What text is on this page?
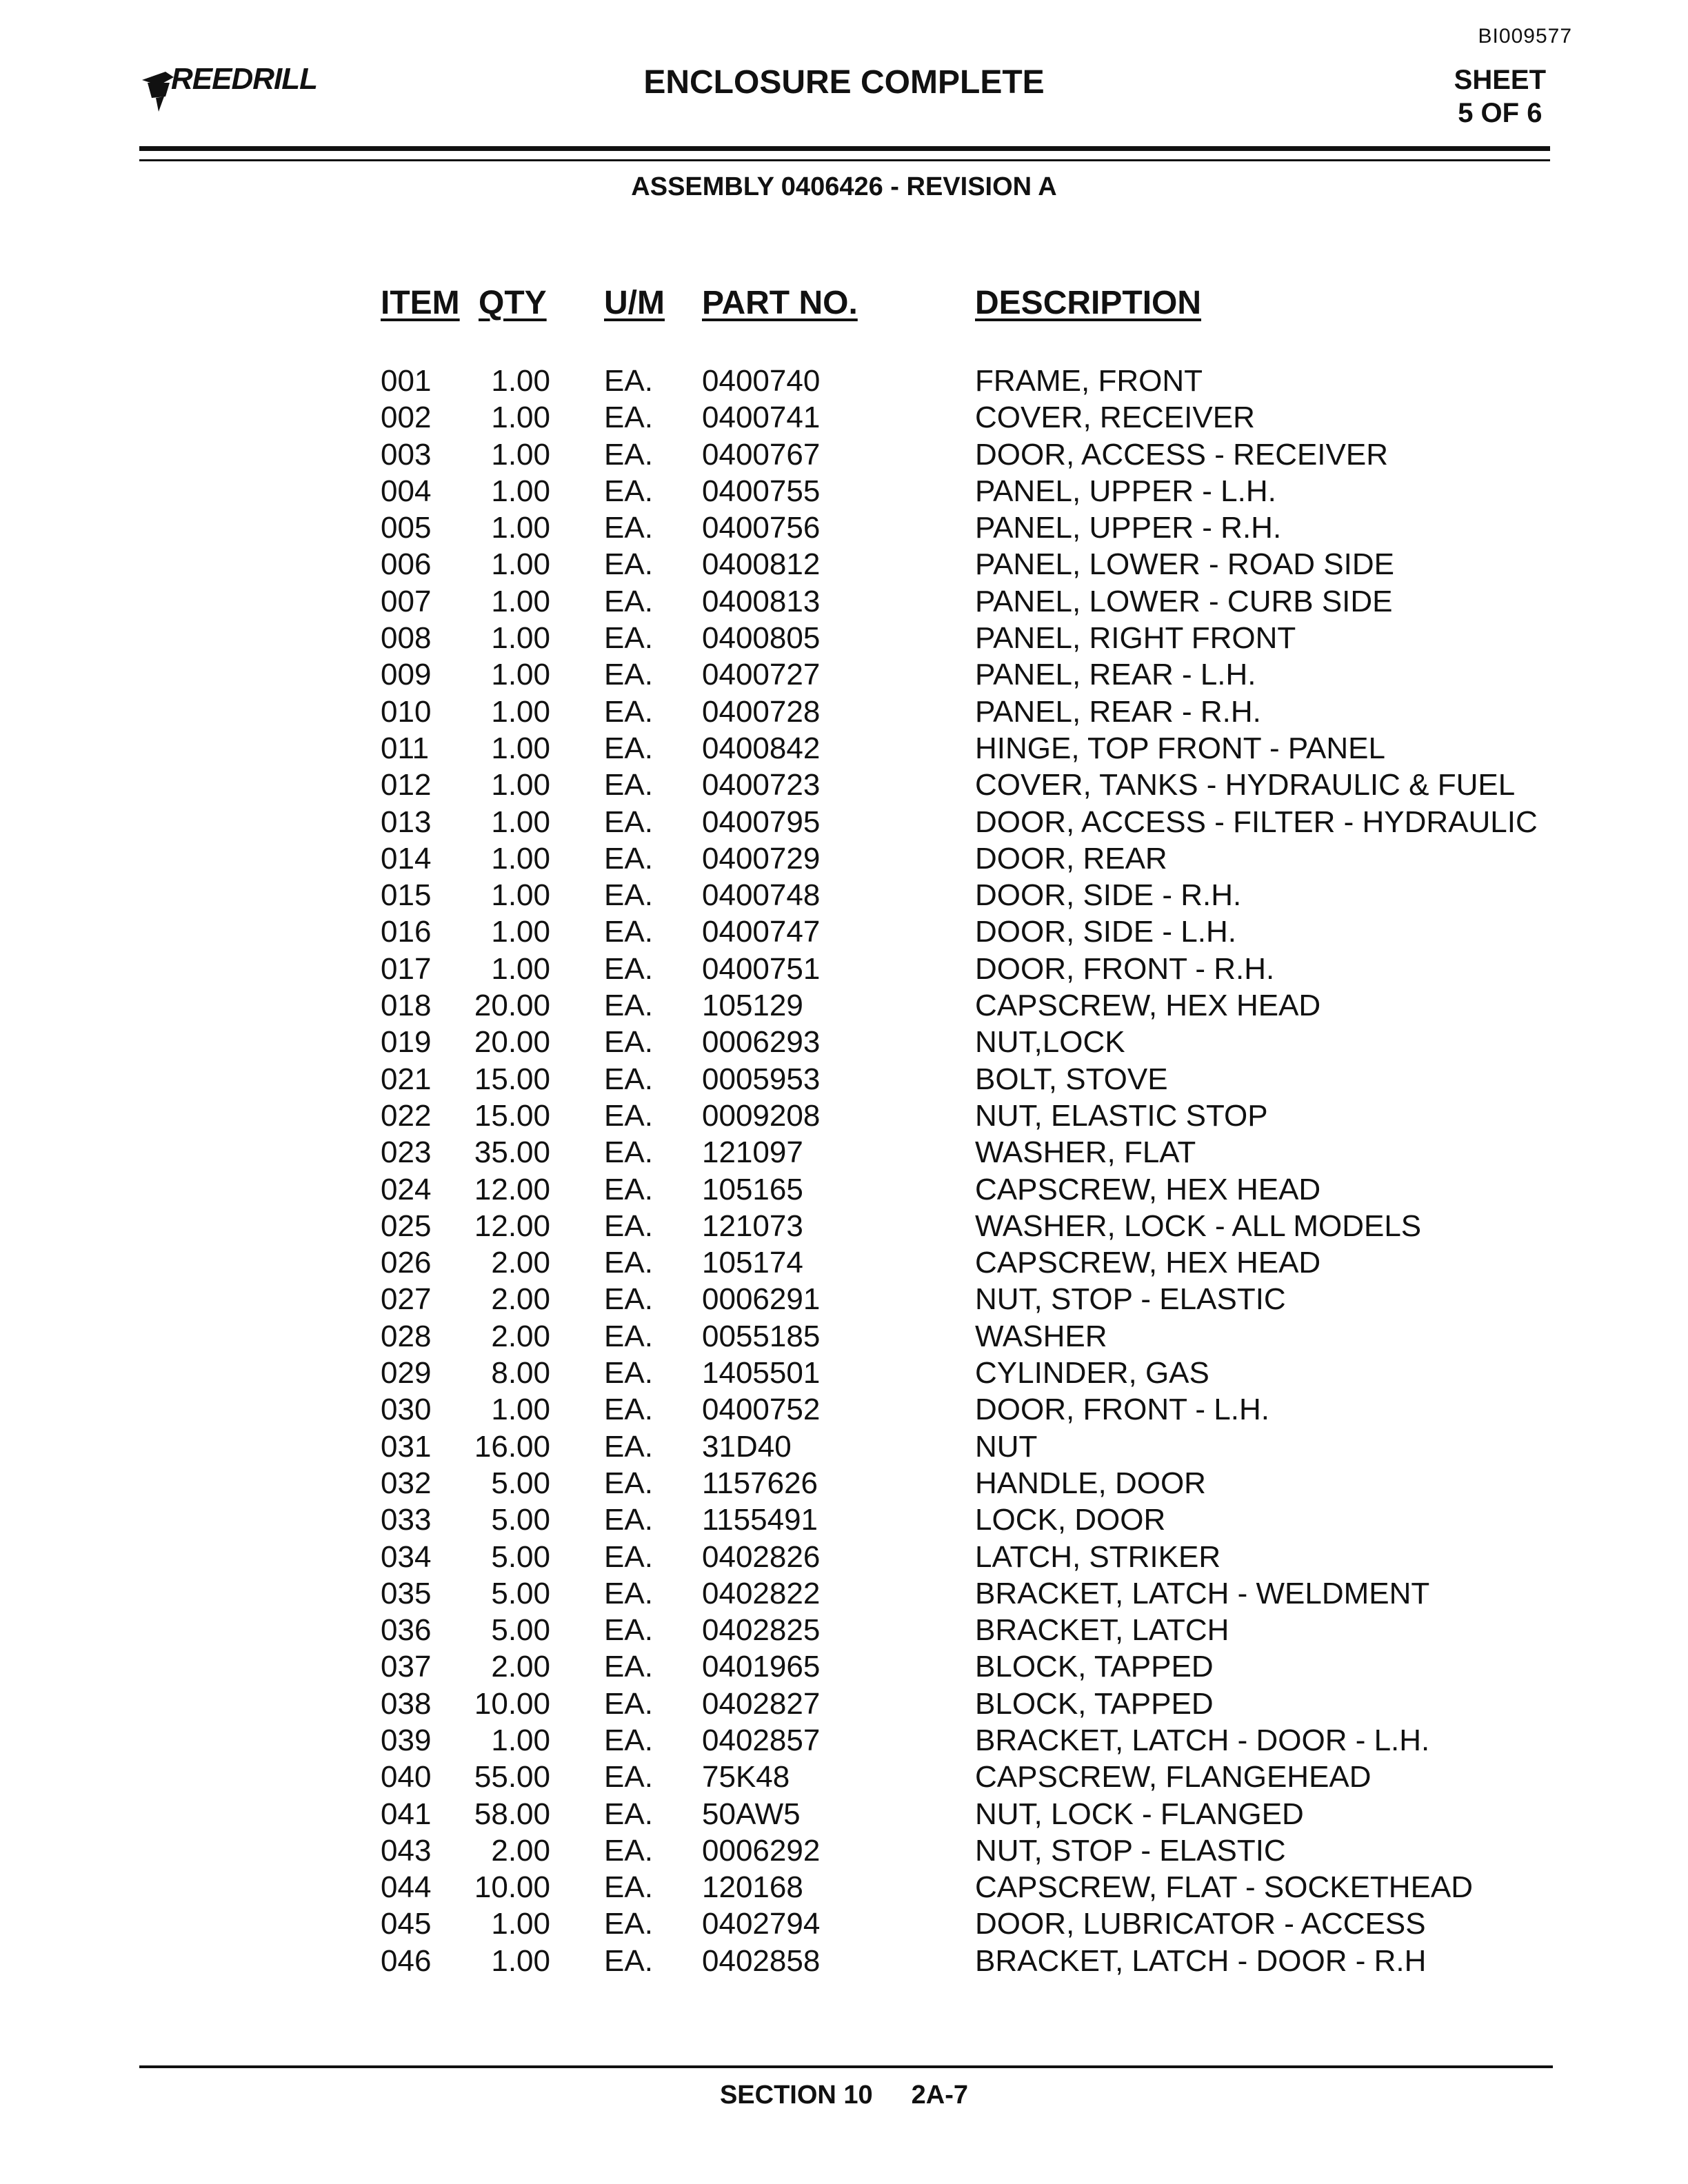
BI009577
REEDRILL	ENCLOSURE COMPLETE	SHEET
5 OF 6
ASSEMBLY 0406426 - REVISION A
ITEM QTY U/M PART NO.	DESCRIPTION
001	1.00 EA. 0400740	FRAME, FRONT
002	1.00 EA. 0400741	COVER, RECEIVER
003	1.00 EA. 0400767	DOOR, ACCESS - RECEIVER
004	1.00 EA. 0400755	PANEL, UPPER - L.H.
005	1.00 EA. 0400756	PANEL, UPPER - R.H.
006	1.00 EA. 0400812	PANEL, LOWER - ROAD SIDE
007	1.00 EA. 0400813	PANEL, LOWER - CURB SIDE
008	1.00 EA. 0400805	PANEL, RIGHT FRONT
009	1.00 EA. 0400727	PANEL, REAR - L.H.
010	1.00 EA. 0400728	PANEL, REAR - R.H.
011	1.00 EA. 0400842	HINGE, TOP FRONT - PANEL
012	1.00 EA. 0400723	COVER, TANKS - HYDRAULIC & FUEL
013	1.00 EA. 0400795	DOOR, ACCESS - FILTER - HYDRAULIC
014	1.00 EA. 0400729	DOOR, REAR
015	1.00 EA. 0400748	DOOR, SIDE - R.H.
016	1.00 EA. 0400747	DOOR, SIDE - L.H.
017	1.00 EA. 0400751	DOOR, FRONT - R.H.
018	20.00 EA. 105129	CAPSCREW, HEX HEAD
019	20.00 EA. 0006293	NUT,LOCK
021	15.00 EA. 0005953	BOLT, STOVE
022	15.00 EA. 0009208	NUT, ELASTIC STOP
023	35.00 EA. 121097	WASHER, FLAT
024	12.00 EA. 105165	CAPSCREW, HEX HEAD
025	12.00 EA. 121073	WASHER, LOCK - ALL MODELS
026	2.00 EA. 105174	CAPSCREW, HEX HEAD
027	2.00 EA. 0006291	NUT, STOP - ELASTIC
028	2.00 EA. 0055185	WASHER
029	8.00 EA. 1405501	CYLINDER, GAS
030	1.00 EA. 0400752	DOOR, FRONT - L.H.
031	16.00 EA. 31D40	NUT
032	5.00 EA. 1157626	HANDLE, DOOR
033	5.00 EA. 1155491	LOCK, DOOR
034	5.00 EA. 0402826	LATCH, STRIKER
035	5.00 EA. 0402822	BRACKET, LATCH - WELDMENT
036	5.00 EA. 0402825	BRACKET, LATCH
037	2.00 EA. 0401965	BLOCK, TAPPED
038	10.00 EA. 0402827	BLOCK, TAPPED
039	1.00 EA. 0402857	BRACKET, LATCH - DOOR - L.H.
040	55.00 EA. 75K48	CAPSCREW, FLANGEHEAD
041	58.00 EA. 50AW5	NUT, LOCK - FLANGED
043	2.00 EA. 0006292	NUT, STOP - ELASTIC
044	10.00 EA. 120168	CAPSCREW, FLAT - SOCKETHEAD
045	1.00 EA. 0402794	DOOR, LUBRICATOR - ACCESS
046	1.00 EA. 0402858	BRACKET, LATCH - DOOR - R.H
SECTION 10 2A-7
